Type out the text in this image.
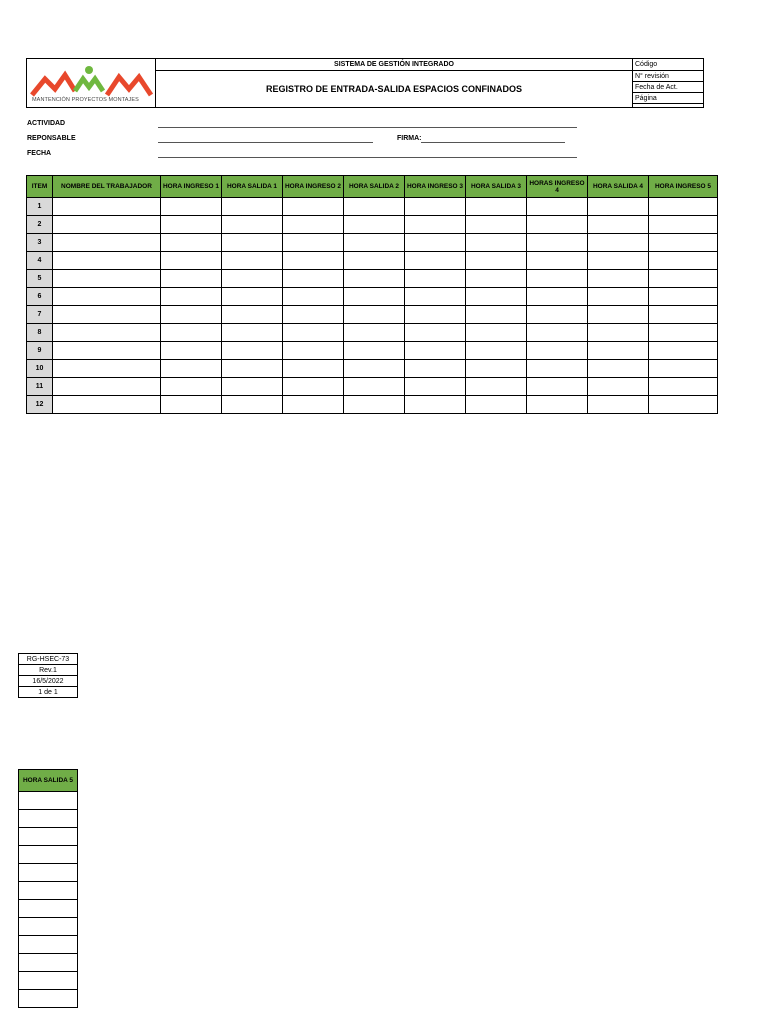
MANTENCIÓN PROYECTOS MONTAJES	SISTEMA DE GESTIÓN INTEGRADO	Código
	REGISTRO DE ENTRADA-SALIDA ESPACIOS CONFINADOS	N° revisión
		Fecha de Act.
		Página

ACTIVIDAD
REPONSABLE	FIRMA:
FECHA
ITEM	NOMBRE DEL TRABAJADOR	HORA INGRESO 1	HORA SALIDA 1	HORA INGRESO 2	HORA SALIDA 2	HORA INGRESO 3	HORA SALIDA 3	HORAS INGRESO 4	HORA SALIDA 4	HORA INGRESO 5
1										
2										
3										
4										
5										
6										
7										
8										
9										
10										
11										
12										
RG-HSEC-73
Rev.1
16/5/2022
1 de 1
HORA SALIDA 5
